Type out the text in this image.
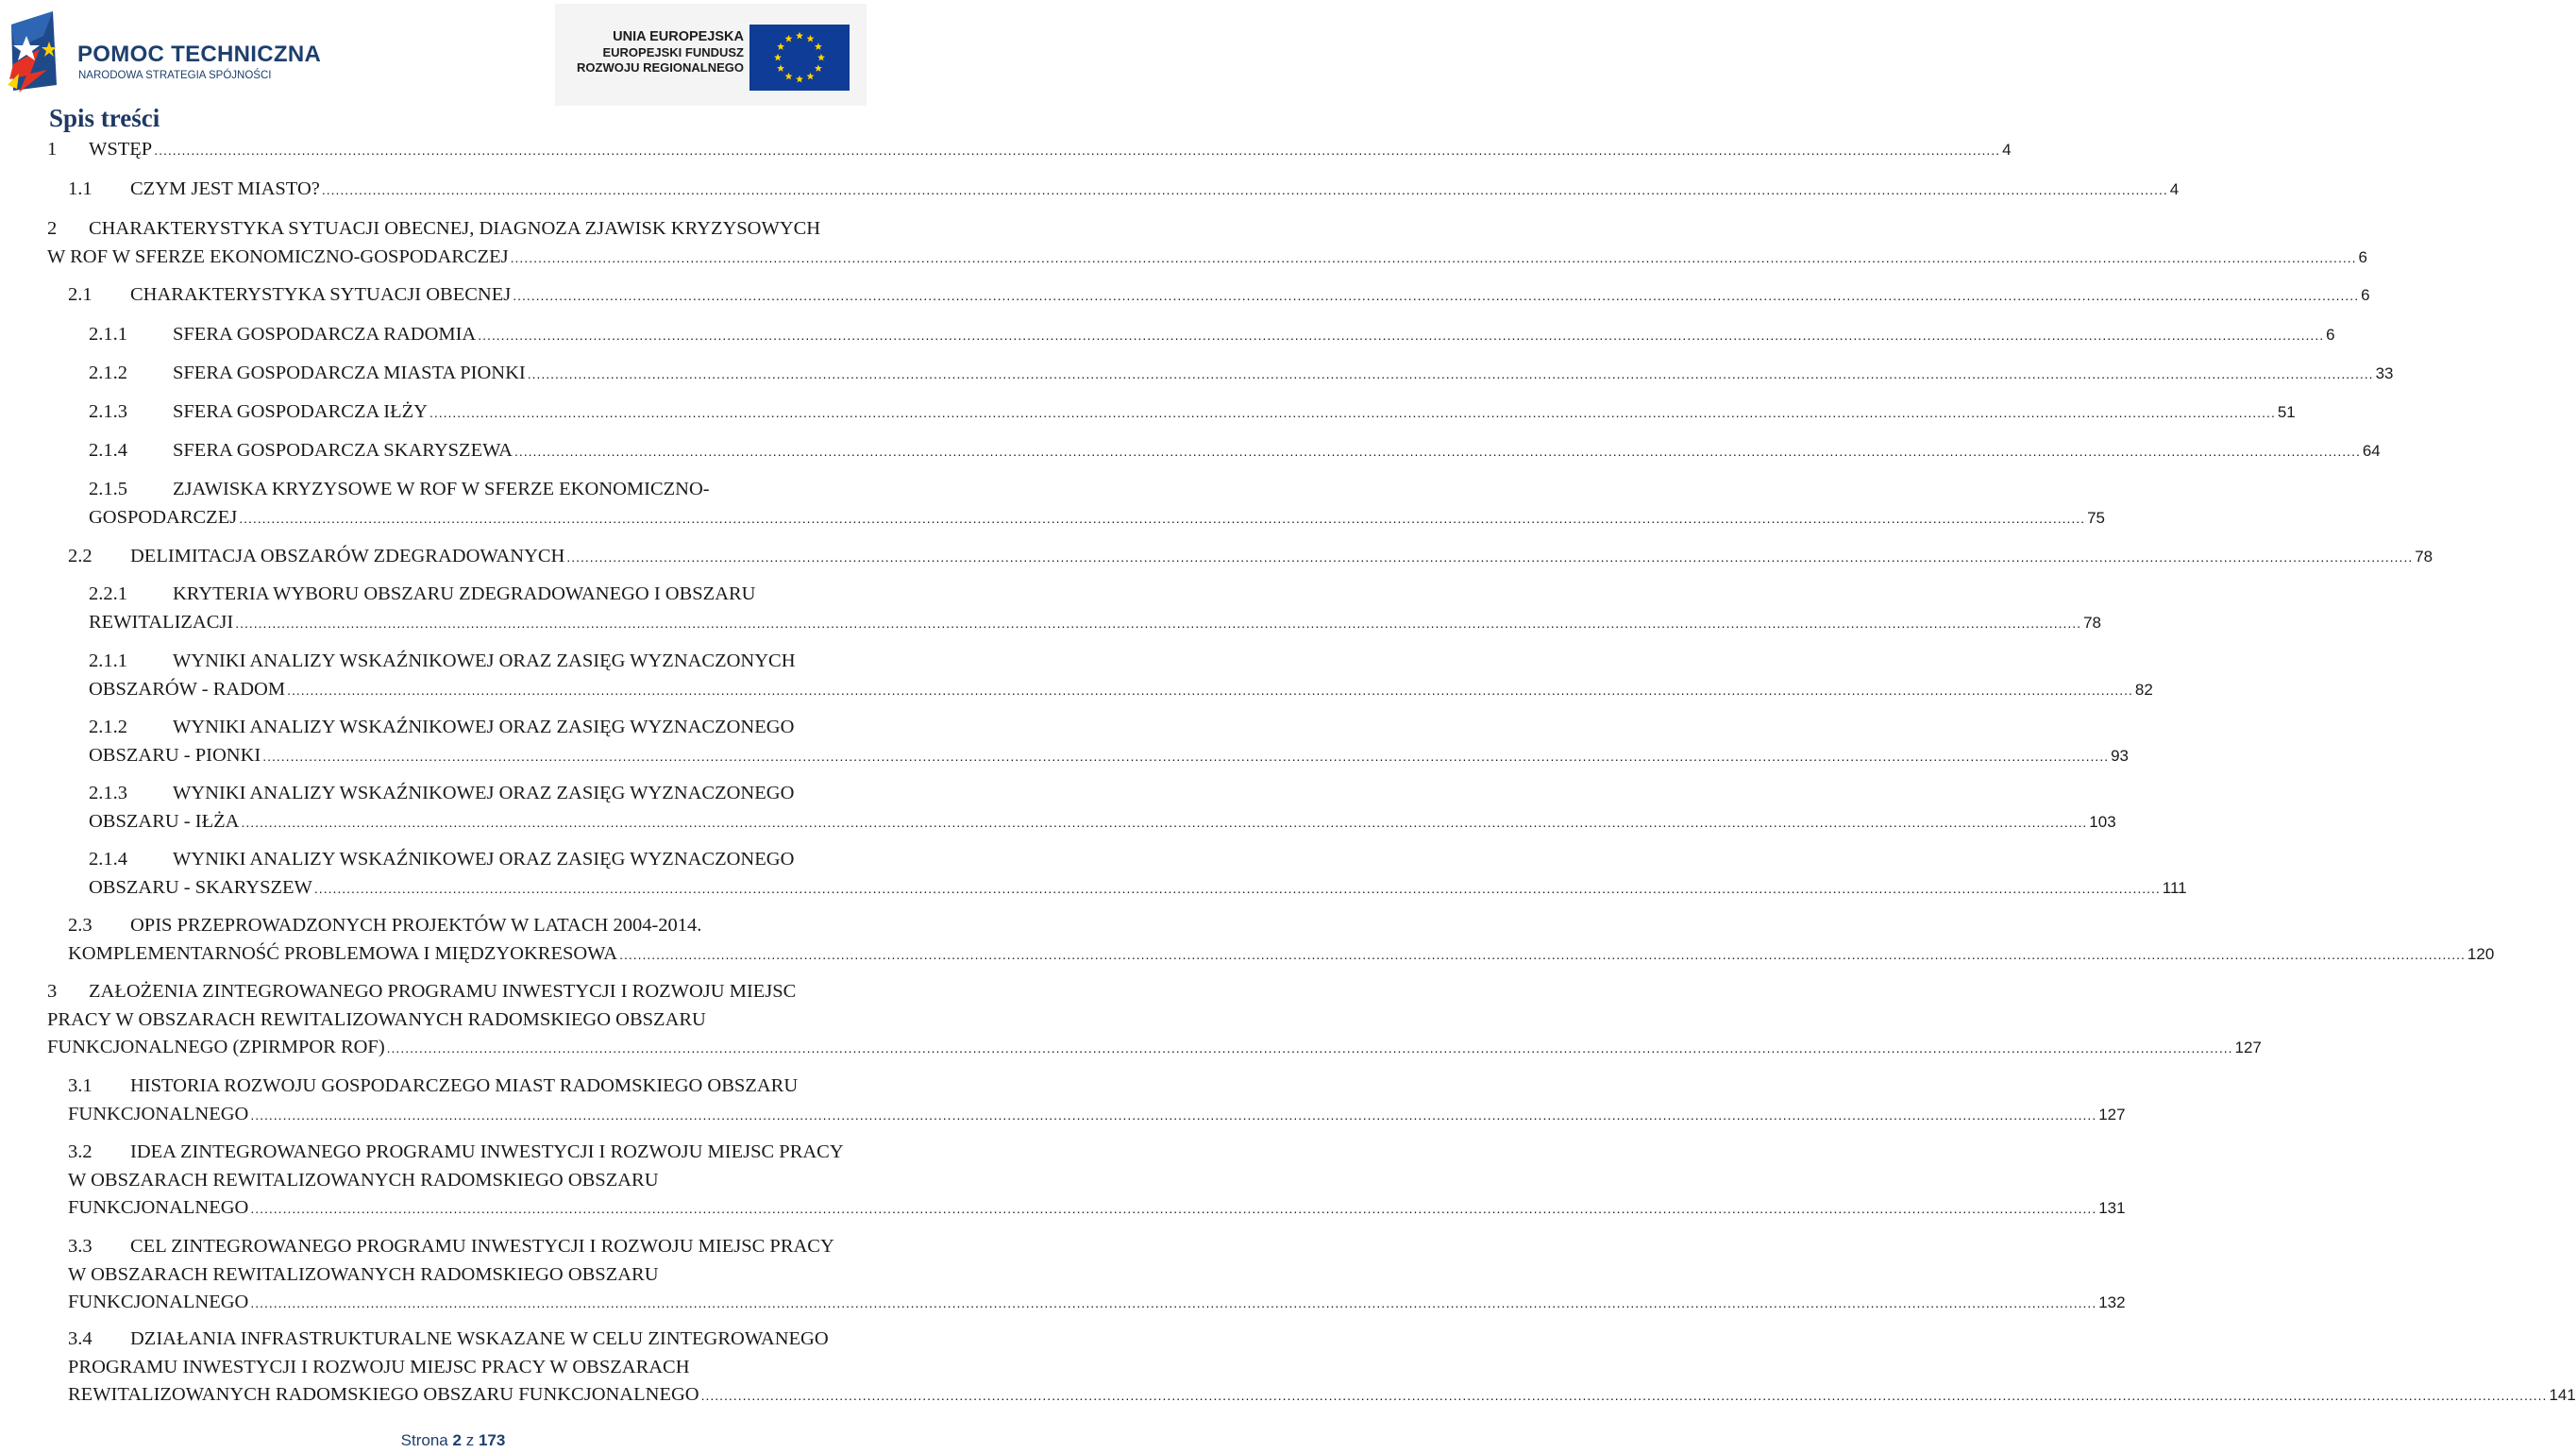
POMOC TECHNICZNA
NARODOWA STRATEGIA SPÓJNOŚCI
UNIA EUROPEJSKA
EUROPEJSKI FUNDUSZ
ROZWOJU REGIONALNEGO
Spis treści
1 WSTĘP ................................................................................................................................................................................................................................................................................................................................................................................................................ 4
1.1 CZYM JEST MIASTO? ................................................................................................................................................................................................................................................................................................................................................................................................................ 4
2 CHARAKTERYSTYKA SYTUACJI OBECNEJ, DIAGNOZA ZJAWISK KRYZYSOWYCH
W ROF W SFERZE EKONOMICZNO-GOSPODARCZEJ ................................................................................................................................................................................................................................................................................................................................................................................................................ 6
2.1 CHARAKTERYSTYKA SYTUACJI OBECNEJ ................................................................................................................................................................................................................................................................................................................................................................................................................ 6
2.1.1 SFERA GOSPODARCZA RADOMIA ................................................................................................................................................................................................................................................................................................................................................................................................................ 6
2.1.2 SFERA GOSPODARCZA MIASTA PIONKI ................................................................................................................................................................................................................................................................................................................................................................................................................ 33
2.1.3 SFERA GOSPODARCZA IŁŻY ................................................................................................................................................................................................................................................................................................................................................................................................................ 51
2.1.4 SFERA GOSPODARCZA SKARYSZEWA ................................................................................................................................................................................................................................................................................................................................................................................................................ 64
2.1.5 ZJAWISKA KRYZYSOWE W ROF W SFERZE EKONOMICZNO-
GOSPODARCZEJ ................................................................................................................................................................................................................................................................................................................................................................................................................ 75
2.2 DELIMITACJA OBSZARÓW ZDEGRADOWANYCH ................................................................................................................................................................................................................................................................................................................................................................................................................ 78
2.2.1 KRYTERIA WYBORU OBSZARU ZDEGRADOWANEGO I OBSZARU
REWITALIZACJI ................................................................................................................................................................................................................................................................................................................................................................................................................ 78
2.1.1 WYNIKI ANALIZY WSKAŹNIKOWEJ ORAZ ZASIĘG WYZNACZONYCH
OBSZARÓW - RADOM ................................................................................................................................................................................................................................................................................................................................................................................................................ 82
2.1.2 WYNIKI ANALIZY WSKAŹNIKOWEJ ORAZ ZASIĘG WYZNACZONEGO
OBSZARU - PIONKI ................................................................................................................................................................................................................................................................................................................................................................................................................ 93
2.1.3 WYNIKI ANALIZY WSKAŹNIKOWEJ ORAZ ZASIĘG WYZNACZONEGO
OBSZARU - IŁŻA ................................................................................................................................................................................................................................................................................................................................................................................................................ 103
2.1.4 WYNIKI ANALIZY WSKAŹNIKOWEJ ORAZ ZASIĘG WYZNACZONEGO
OBSZARU - SKARYSZEW ................................................................................................................................................................................................................................................................................................................................................................................................................ 111
2.3 OPIS PRZEPROWADZONYCH PROJEKTÓW W LATACH 2004-2014.
KOMPLEMENTARNOŚĆ PROBLEMOWA I MIĘDZYOKRESOWA ................................................................................................................................................................................................................................................................................................................................................................................................................ 120
3 ZAŁOŻENIA ZINTEGROWANEGO PROGRAMU INWESTYCJI I ROZWOJU MIEJSC
PRACY W OBSZARACH REWITALIZOWANYCH RADOMSKIEGO OBSZARU
FUNKCJONALNEGO (ZPIRMPOR ROF) ................................................................................................................................................................................................................................................................................................................................................................................................................ 127
3.1 HISTORIA ROZWOJU GOSPODARCZEGO MIAST RADOMSKIEGO OBSZARU
FUNKCJONALNEGO ................................................................................................................................................................................................................................................................................................................................................................................................................ 127
3.2 IDEA ZINTEGROWANEGO PROGRAMU INWESTYCJI I ROZWOJU MIEJSC PRACY
W OBSZARACH REWITALIZOWANYCH RADOMSKIEGO OBSZARU
FUNKCJONALNEGO ................................................................................................................................................................................................................................................................................................................................................................................................................ 131
3.3 CEL ZINTEGROWANEGO PROGRAMU INWESTYCJI I ROZWOJU MIEJSC PRACY
W OBSZARACH REWITALIZOWANYCH RADOMSKIEGO OBSZARU
FUNKCJONALNEGO ................................................................................................................................................................................................................................................................................................................................................................................................................ 132
3.4 DZIAŁANIA INFRASTRUKTURALNE WSKAZANE W CELU ZINTEGROWANEGO
PROGRAMU INWESTYCJI I ROZWOJU MIEJSC PRACY W OBSZARACH
REWITALIZOWANYCH RADOMSKIEGO OBSZARU FUNKCJONALNEGO ................................................................................................................................................................................................................................................................................................................................................................................................................ 141
Strona 2 z 173
